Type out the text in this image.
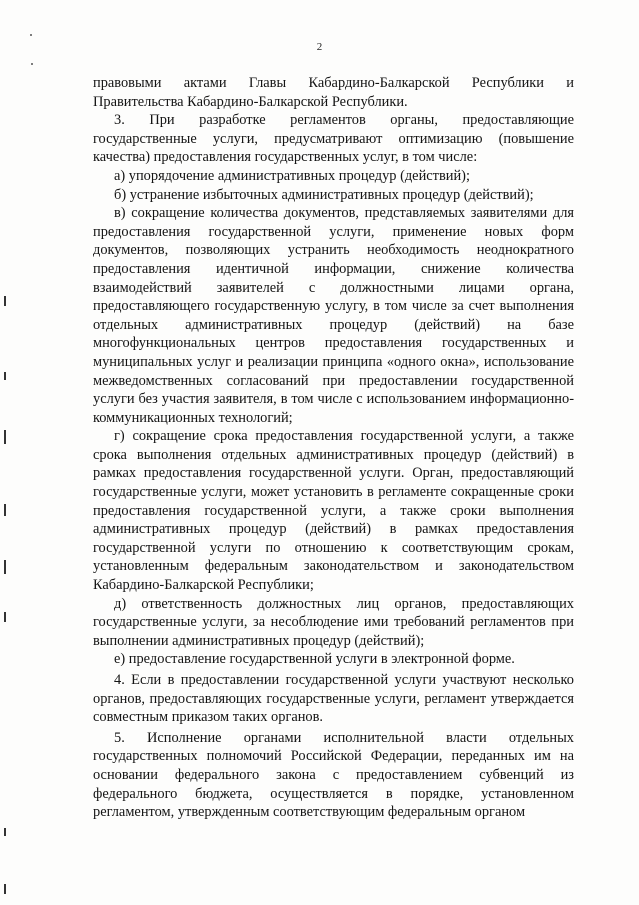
2

правовыми актами Главы Кабардино-Балкарской Республики и Правительства Кабардино-Балкарской Республики.

3. При разработке регламентов органы, предоставляющие государственные услуги, предусматривают оптимизацию (повышение качества) предоставления государственных услуг, в том числе:

а) упорядочение административных процедур (действий);

б) устранение избыточных административных процедур (действий);

в) сокращение количества документов, представляемых заявителями для предоставления государственной услуги, применение новых форм документов, позволяющих устранить необходимость неоднократного предоставления идентичной информации, снижение количества взаимодействий заявителей с должностными лицами органа, предоставляющего государственную услугу, в том числе за счет выполнения отдельных административных процедур (действий) на базе многофункциональных центров предоставления государственных и муниципальных услуг и реализации принципа «одного окна», использование межведомственных согласований при предоставлении государственной услуги без участия заявителя, в том числе с использованием информационно-коммуникационных технологий;

г) сокращение срока предоставления государственной услуги, а также срока выполнения отдельных административных процедур (действий) в рамках предоставления государственной услуги. Орган, предоставляющий государственные услуги, может установить в регламенте сокращенные сроки предоставления государственной услуги, а также сроки выполнения административных процедур (действий) в рамках предоставления государственной услуги по отношению к соответствующим срокам, установленным федеральным законодательством и законодательством Кабардино-Балкарской Республики;

д) ответственность должностных лиц органов, предоставляющих государственные услуги, за несоблюдение ими требований регламентов при выполнении административных процедур (действий);

е) предоставление государственной услуги в электронной форме.

4. Если в предоставлении государственной услуги участвуют несколько органов, предоставляющих государственные услуги, регламент утверждается совместным приказом таких органов.

5. Исполнение органами исполнительной власти отдельных государственных полномочий Российской Федерации, переданных им на основании федерального закона с предоставлением субвенций из федерального бюджета, осуществляется в порядке, установленном регламентом, утвержденным соответствующим федеральным органом
